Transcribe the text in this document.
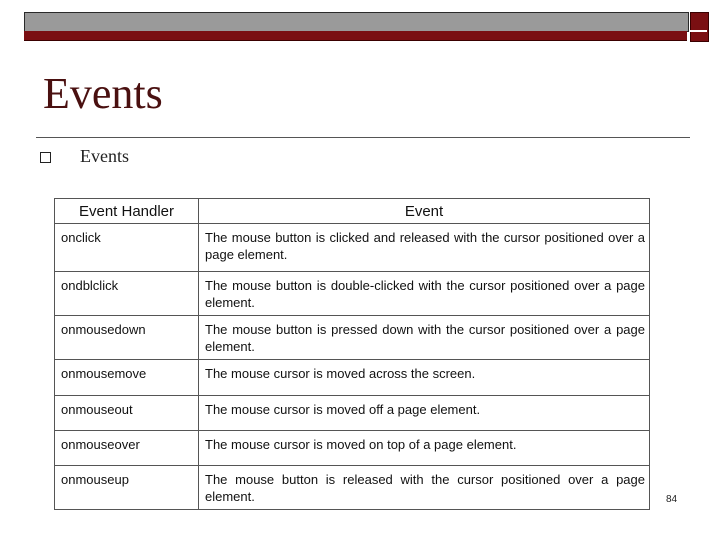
Events
Events
Event Handler	Event

onclick	The mouse button is clicked and released with the cursor positioned over a page element.

ondblclick	The mouse button is double-clicked with the cursor positioned over a page element.

onmousedown	The mouse button is pressed down with the cursor positioned over a page element.

onmousemove	The mouse cursor is moved across the screen.

onmouseout	The mouse cursor is moved off a page element.

onmouseover	The mouse cursor is moved on top of a page element.

onmouseup	The mouse button is released with the cursor positioned over a page element.	84
